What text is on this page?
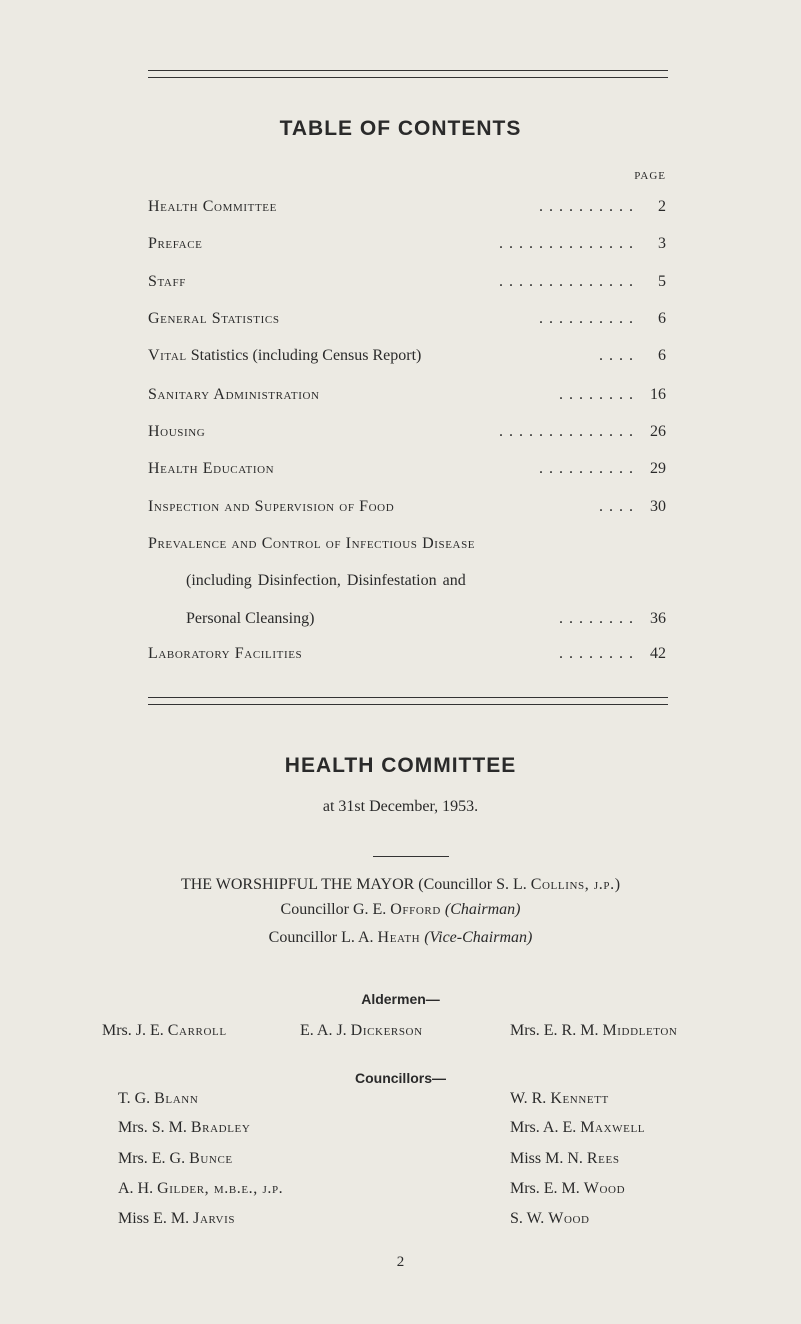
TABLE OF CONTENTS
PAGE
Health Committee	. . . . . . . . . .	2
Preface	. . . . . . . . . . . . . .	3
Staff	. . . . . . . . . . . . . .	5
General Statistics	. . . . . . . . . .	6
Vital Statistics (including Census Report)	. . . .	6
Sanitary Administration	. . . . . . . .	16
Housing	. . . . . . . . . . . . . .	26
Health Education	. . . . . . . . . .	29
Inspection and Supervision of Food	. . . .	30
Prevalence and Control of Infectious Disease
(including Disinfection, Disinfestation and
Personal Cleansing)	. . . . . . . .	36
Laboratory Facilities	. . . . . . . .	42
HEALTH COMMITTEE
at 31st December, 1953.
THE WORSHIPFUL THE MAYOR (Councillor S. L. Collins, j.p.)
Councillor G. E. Offord (Chairman)
Councillor L. A. Heath (Vice-Chairman)
Aldermen—
Mrs. J. E. Carroll	E. A. J. Dickerson	Mrs. E. R. M. Middleton
Councillors—
T. G. Blann
Mrs. S. M. Bradley
Mrs. E. G. Bunce
A. H. Gilder, m.b.e., j.p.
Miss E. M. Jarvis
W. R. Kennett
Mrs. A. E. Maxwell
Miss M. N. Rees
Mrs. E. M. Wood
S. W. Wood
2
